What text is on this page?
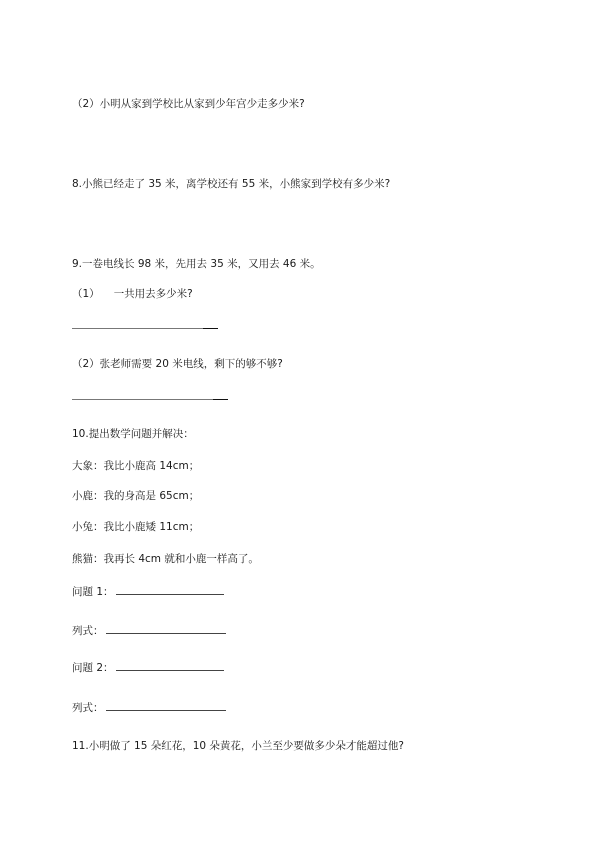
（2）小明从家到学校比从家到少年宫少走多少米?
8.小熊已经走了 35 米，离学校还有 55 米，小熊家到学校有多少米?
9.一卷电线长 98 米，先用去 35 米，又用去 46 米。
（1） 一共用去多少米?
（2）张老师需要 20 米电线，剩下的够不够?
10.提出数学问题并解决：
大象：我比小鹿高 14cm；
小鹿：我的身高是 65cm；
小兔：我比小鹿矮 11cm；
熊猫：我再长 4cm 就和小鹿一样高了。
问题 1：
列式：
问题 2：
列式：
11.小明做了 15 朵红花，10 朵黄花，小兰至少要做多少朵才能超过他?
